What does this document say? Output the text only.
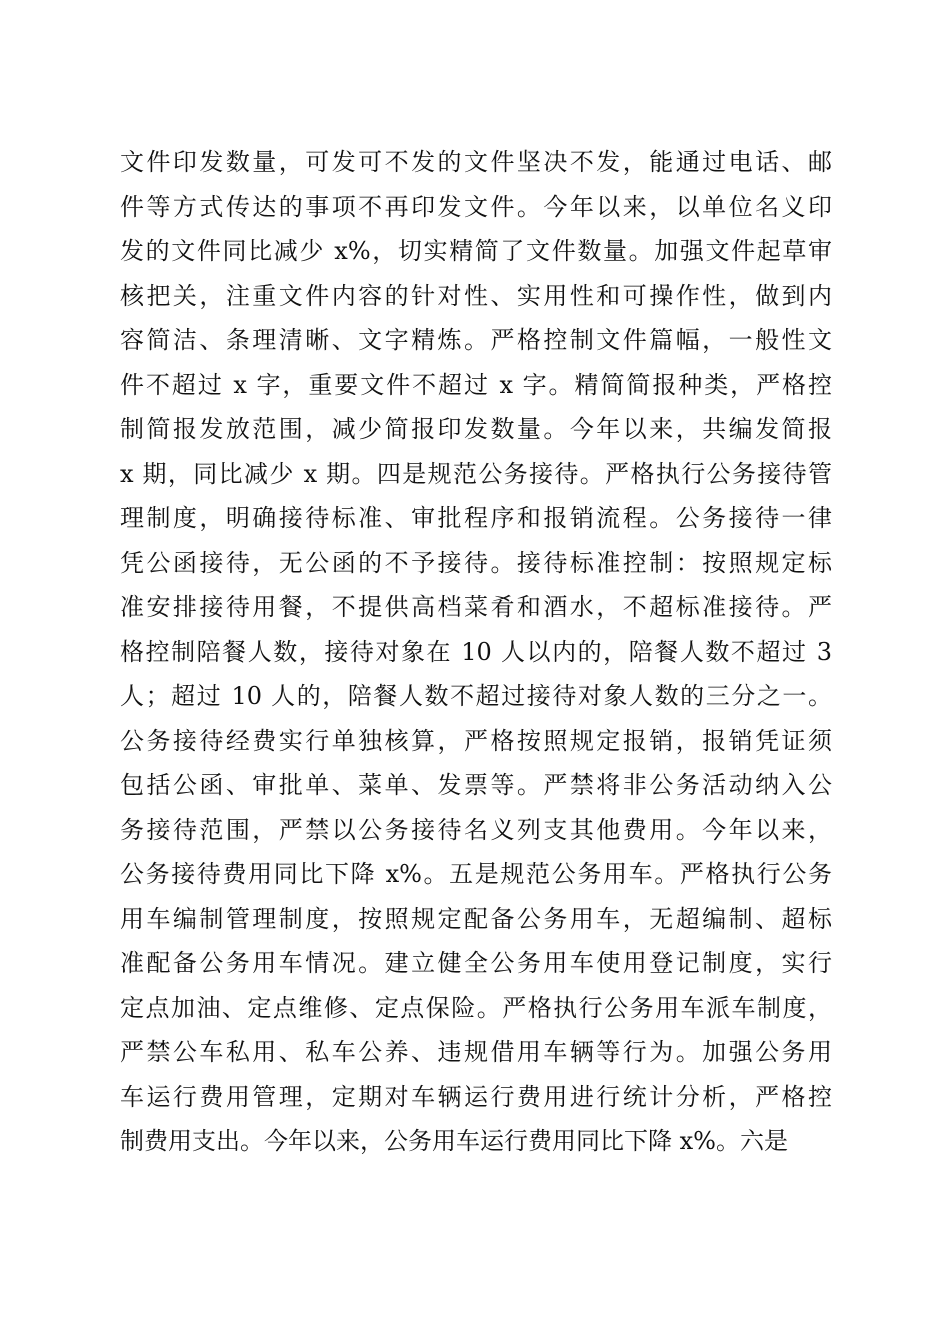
文件印发数量，可发可不发的文件坚决不发，能通过电话、邮
件等方式传达的事项不再印发文件。今年以来，以单位名义印
发的文件同比减少 x%，切实精简了文件数量。加强文件起草审
核把关，注重文件内容的针对性、实用性和可操作性，做到内
容简洁、条理清晰、文字精炼。严格控制文件篇幅，一般性文
件不超过 x 字，重要文件不超过 x 字。精简简报种类，严格控
制简报发放范围，减少简报印发数量。今年以来，共编发简报
x 期，同比减少 x 期。四是规范公务接待。严格执行公务接待管
理制度，明确接待标准、审批程序和报销流程。公务接待一律
凭公函接待，无公函的不予接待。接待标准控制：按照规定标
准安排接待用餐，不提供高档菜肴和酒水，不超标准接待。严
格控制陪餐人数，接待对象在 10 人以内的，陪餐人数不超过 3
人；超过 10 人的，陪餐人数不超过接待对象人数的三分之一。
公务接待经费实行单独核算，严格按照规定报销，报销凭证须
包括公函、审批单、菜单、发票等。严禁将非公务活动纳入公
务接待范围，严禁以公务接待名义列支其他费用。今年以来，
公务接待费用同比下降 x%。五是规范公务用车。严格执行公务
用车编制管理制度，按照规定配备公务用车，无超编制、超标
准配备公务用车情况。建立健全公务用车使用登记制度，实行
定点加油、定点维修、定点保险。严格执行公务用车派车制度，
严禁公车私用、私车公养、违规借用车辆等行为。加强公务用
车运行费用管理，定期对车辆运行费用进行统计分析，严格控
制费用支出。今年以来，公务用车运行费用同比下降 x%。六是
